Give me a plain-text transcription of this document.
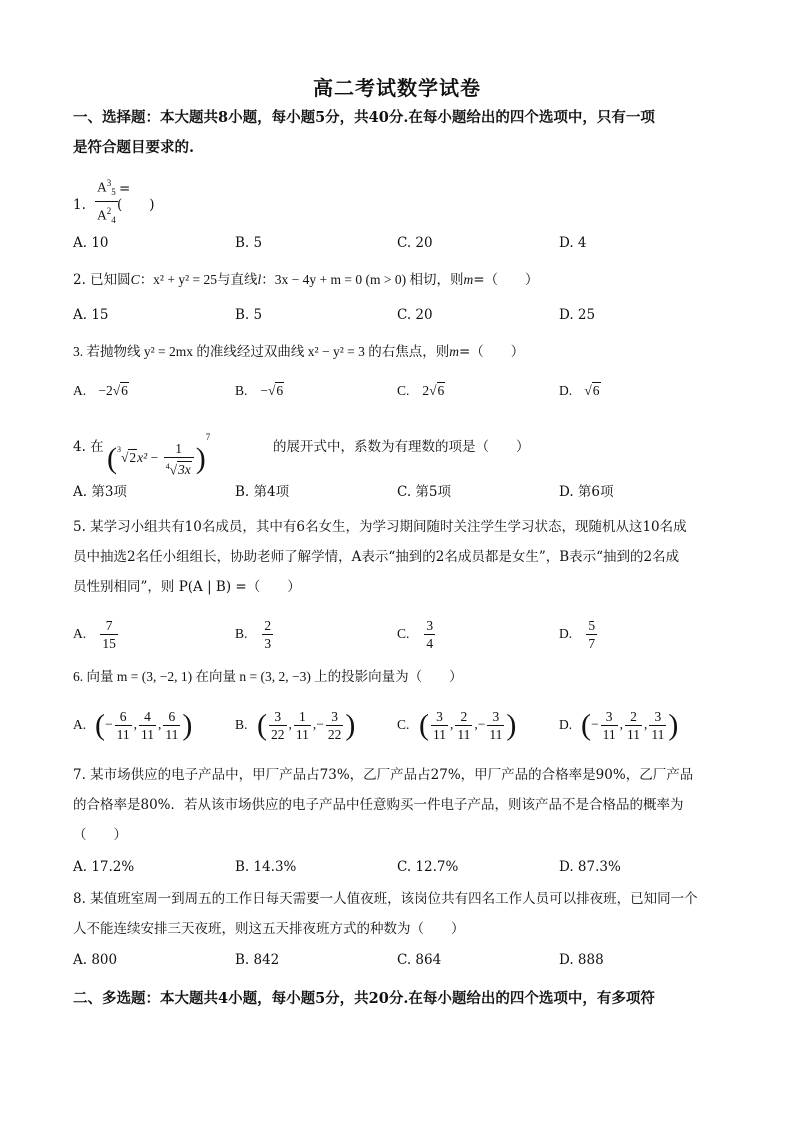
高二考试数学试卷
一、选择题：本大题共8小题，每小题5分，共40分.在每小题给出的四个选项中，只有一项
是符合题目要求的.
1. $\frac{A^3_5}{A^2_4}$ =
(　　)
A. 10	B. 5	C. 20	D. 4
2. 已知圆C：x² + y² = 25与直线l：3x − 4y + m = 0 (m > 0) 相切，则m=（　　）
A. 15	B. 5	C. 20	D. 25
3. 若抛物线 y² = 2mx 的准线经过双曲线 x² − y² = 3 的右焦点，则m=（　　）
A. −2√6	B. −√6	C. 2√6	D. √6
4. 在 $(^3√2x^2 - \frac{1}{^4√3x} )^7$
的展开式中，系数为有理数的项是（　　）
A. 第3项	B. 第4项	C. 第5项	D. 第6项
5. 某学习小组共有10名成员，其中有6名女生，为学习期间随时关注学生学习状态，现随机从这10名成
员中抽选2名任小组组长，协助老师了解学情，A表示“抽到的2名成员都是女生”，B表示“抽到的2名成
员性别相同”，则 P(A | B) =（　　）
A. $\frac{7}{15}$	B. $\frac{2}{3}$	C. $\frac{3}{4}$	D. $\frac{5}{7}$
6. 向量 m = (3, −2, 1) 在向量 n = (3, 2, −3) 上的投影向量为（　　）
A. (− $\frac{6}{11}$ , $\frac{4}{11}$ , $\frac{6}{11}$ )	B. ( $\frac{3}{22}$ , $\frac{1}{11}$ ,− $\frac{3}{22}$ )	C. ( $\frac{3}{11}$ , $\frac{2}{11}$ ,− $\frac{3}{11}$ )	D. (− $\frac{3}{11}$ , $\frac{2}{11}$ , $\frac{3}{11}$ )
7. 某市场供应的电子产品中，甲厂产品占73%，乙厂产品占27%，甲厂产品的合格率是90%，乙厂产品
的合格率是80%．若从该市场供应的电子产品中任意购买一件电子产品，则该产品不是合格品的概率为
（　　）
A. 17.2%	B. 14.3%	C. 12.7%	D. 87.3%
8. 某值班室周一到周五的工作日每天需要一人值夜班，该岗位共有四名工作人员可以排夜班，已知同一个
人不能连续安排三天夜班，则这五天排夜班方式的种数为（　　）
A. 800	B. 842	C. 864	D. 888
二、多选题：本大题共4小题，每小题5分，共20分.在每小题给出的四个选项中，有多项符
